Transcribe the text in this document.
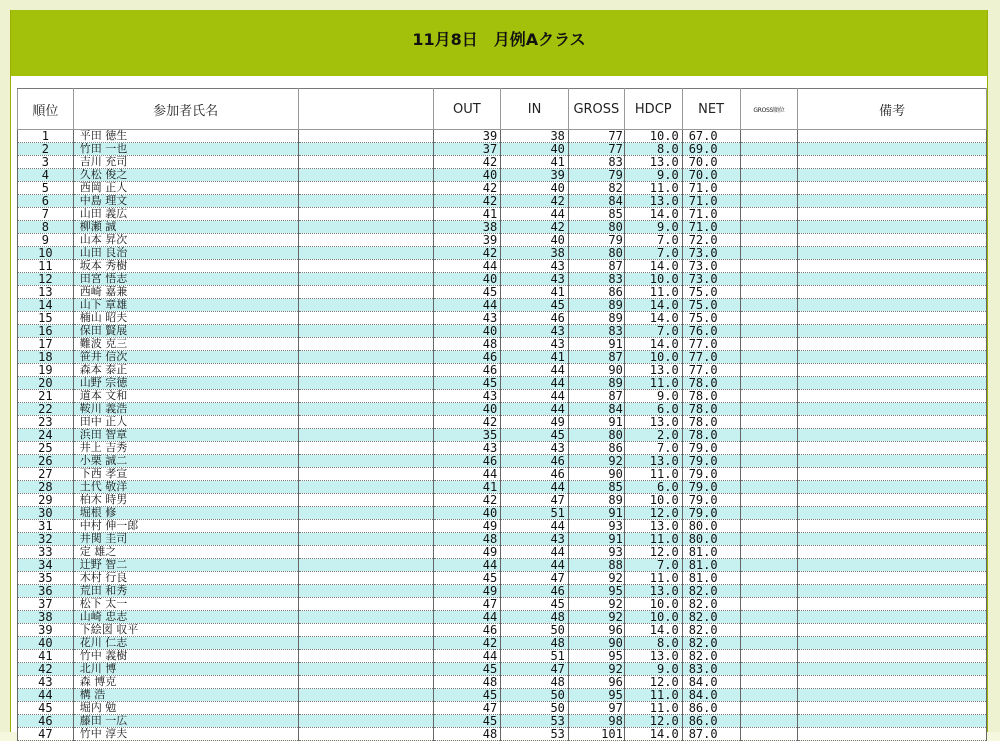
11月8日　月例Aクラス
順位	参加者氏名		OUT	IN	GROSS	HDCP	NET	GROSS順位	備考
1	平田 徳生		39	38	77	10.0	67.0		
2	竹田 一也		37	40	77	8.0	69.0		
3	吉川 充司		42	41	83	13.0	70.0		
4	久松 俊之		40	39	79	9.0	70.0		
5	西岡 正人		42	40	82	11.0	71.0		
6	中島 理文		42	42	84	13.0	71.0		
7	山田 義広		41	44	85	14.0	71.0		
8	柳瀬 誠		38	42	80	9.0	71.0		
9	山本 昇次		39	40	79	7.0	72.0		
10	山田 良治		42	38	80	7.0	73.0		
11	坂本 秀樹		44	43	87	14.0	73.0		
12	田宮 悟志		40	43	83	10.0	73.0		
13	西崎 嘉兼		45	41	86	11.0	75.0		
14	山下 章雄		44	45	89	14.0	75.0		
15	楠山 昭夫		43	46	89	14.0	75.0		
16	保田 賢展		40	43	83	7.0	76.0		
17	難波 克三		48	43	91	14.0	77.0		
18	笹井 信次		46	41	87	10.0	77.0		
19	森本 泰正		46	44	90	13.0	77.0		
20	山野 宗徳		45	44	89	11.0	78.0		
21	道本 文和		43	44	87	9.0	78.0		
22	鞍川 義浩		40	44	84	6.0	78.0		
23	田中 正人		42	49	91	13.0	78.0		
24	浜田 智章		35	45	80	2.0	78.0		
25	井上 吉秀		43	43	86	7.0	79.0		
26	小栗 誠二		46	46	92	13.0	79.0		
27	下西 孝宣		44	46	90	11.0	79.0		
28	土代 敬洋		41	44	85	6.0	79.0		
29	柏木 時男		42	47	89	10.0	79.0		
30	堀根 修		40	51	91	12.0	79.0		
31	中村 伸一郎		49	44	93	13.0	80.0		
32	井関 圭司		48	43	91	11.0	80.0		
33	定 雄之		49	44	93	12.0	81.0		
34	辻野 智二		44	44	88	7.0	81.0		
35	木村 行良		45	47	92	11.0	81.0		
36	荒田 和秀		49	46	95	13.0	82.0		
37	松下 太一		47	45	92	10.0	82.0		
38	山崎 忠志		44	48	92	10.0	82.0		
39	下絵図 収平		46	50	96	14.0	82.0		
40	花川 仁志		42	48	90	8.0	82.0		
41	竹中 義樹		44	51	95	13.0	82.0		
42	北川 博		45	47	92	9.0	83.0		
43	森 博克		48	48	96	12.0	84.0		
44	構 浩		45	50	95	11.0	84.0		
45	堀内 勉		47	50	97	11.0	86.0		
46	藤田 一広		45	53	98	12.0	86.0		
47	竹中 淳夫		48	53	101	14.0	87.0		
